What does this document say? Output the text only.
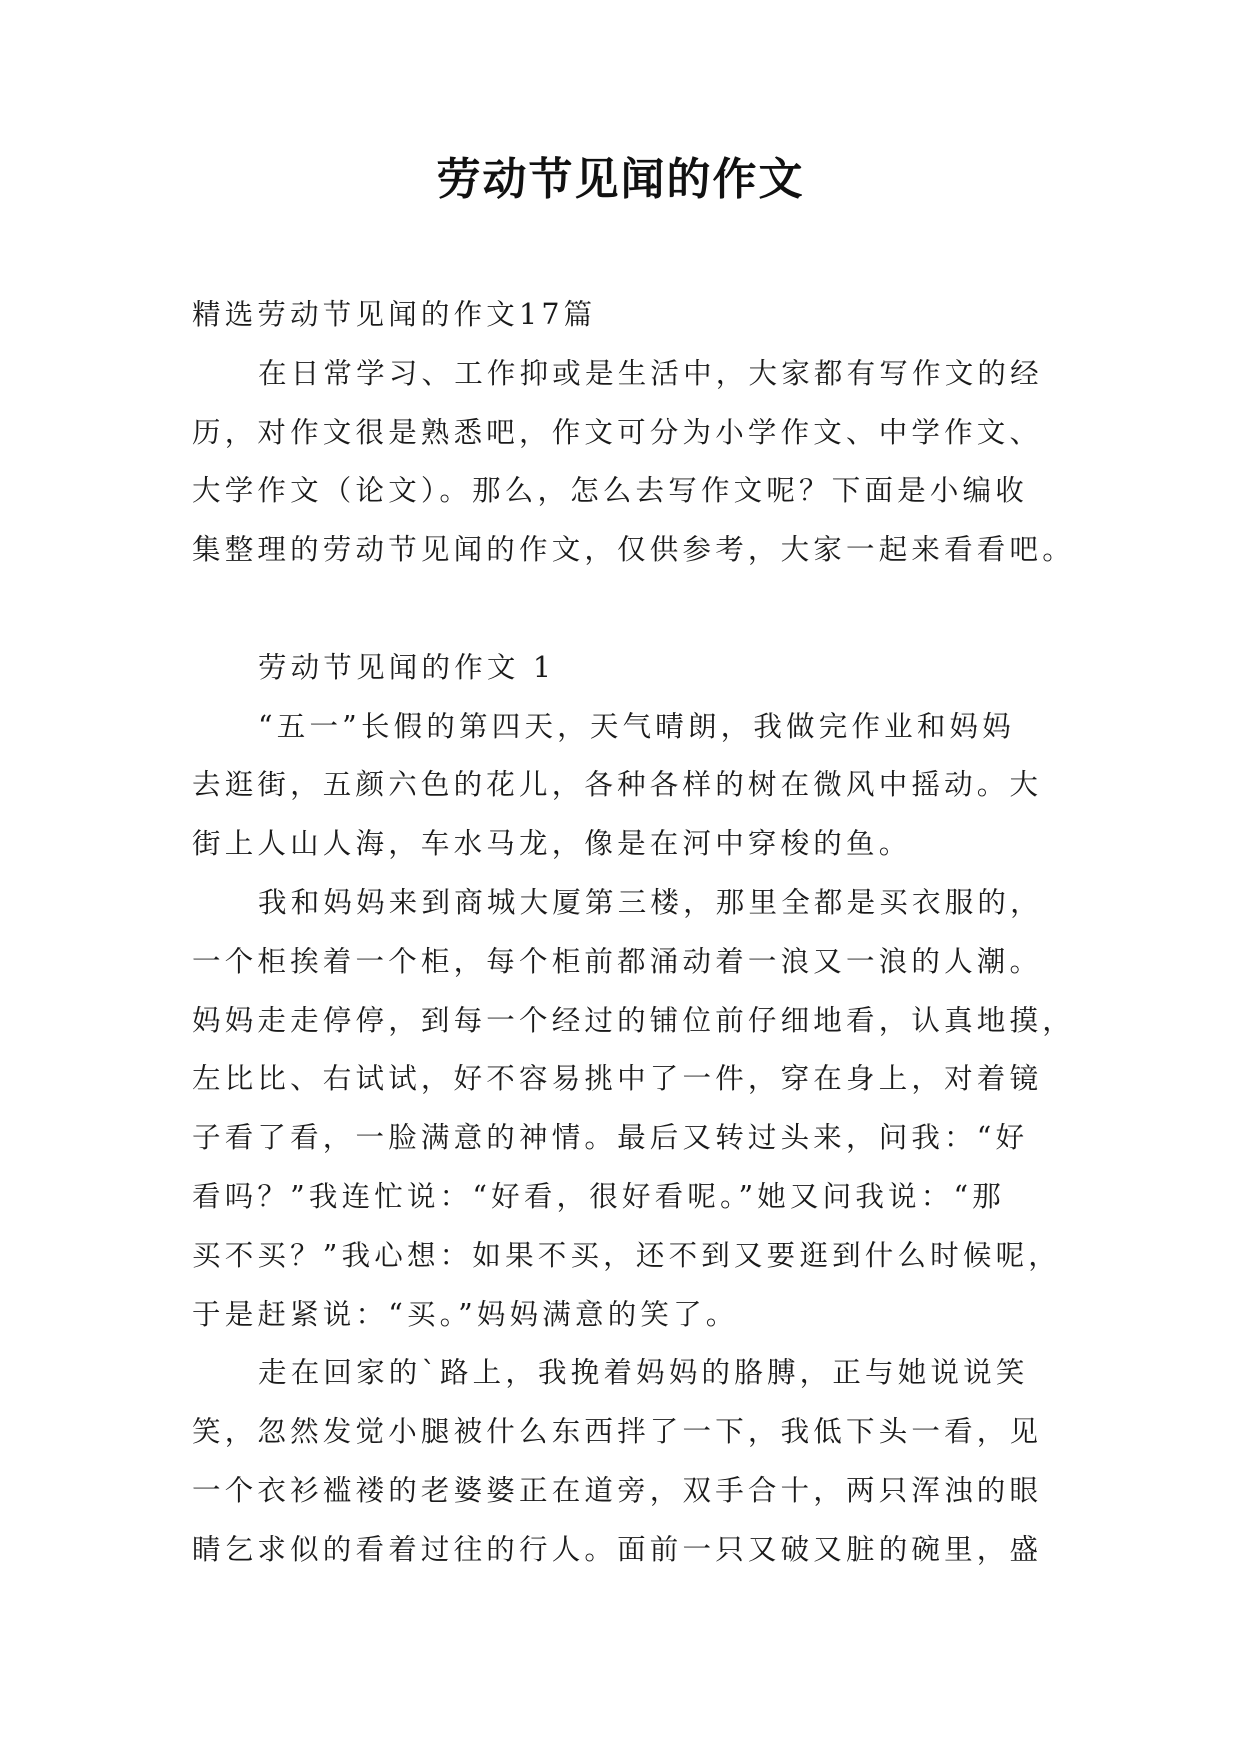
劳动节见闻的作文
精选劳动节见闻的作文17篇
在日常学习、工作抑或是生活中，大家都有写作文的经
历，对作文很是熟悉吧，作文可分为小学作文、中学作文、
大学作文（论文）。那么，怎么去写作文呢？下面是小编收
集整理的劳动节见闻的作文，仅供参考，大家一起来看看吧。
劳动节见闻的作文 1
“五一”长假的第四天，天气晴朗，我做完作业和妈妈
去逛街，五颜六色的花儿，各种各样的树在微风中摇动。大
街上人山人海，车水马龙，像是在河中穿梭的鱼。
我和妈妈来到商城大厦第三楼，那里全都是买衣服的，
一个柜挨着一个柜，每个柜前都涌动着一浪又一浪的人潮。
妈妈走走停停，到每一个经过的铺位前仔细地看，认真地摸，
左比比、右试试，好不容易挑中了一件，穿在身上，对着镜
子看了看，一脸满意的神情。最后又转过头来，问我：“好
看吗？”我连忙说：“好看，很好看呢。”她又问我说：“那
买不买？”我心想：如果不买，还不到又要逛到什么时候呢，
于是赶紧说：“买。”妈妈满意的笑了。
走在回家的`路上，我挽着妈妈的胳膊，正与她说说笑
笑，忽然发觉小腿被什么东西拌了一下，我低下头一看，见
一个衣衫褴褛的老婆婆正在道旁，双手合十，两只浑浊的眼
睛乞求似的看着过往的行人。面前一只又破又脏的碗里，盛
